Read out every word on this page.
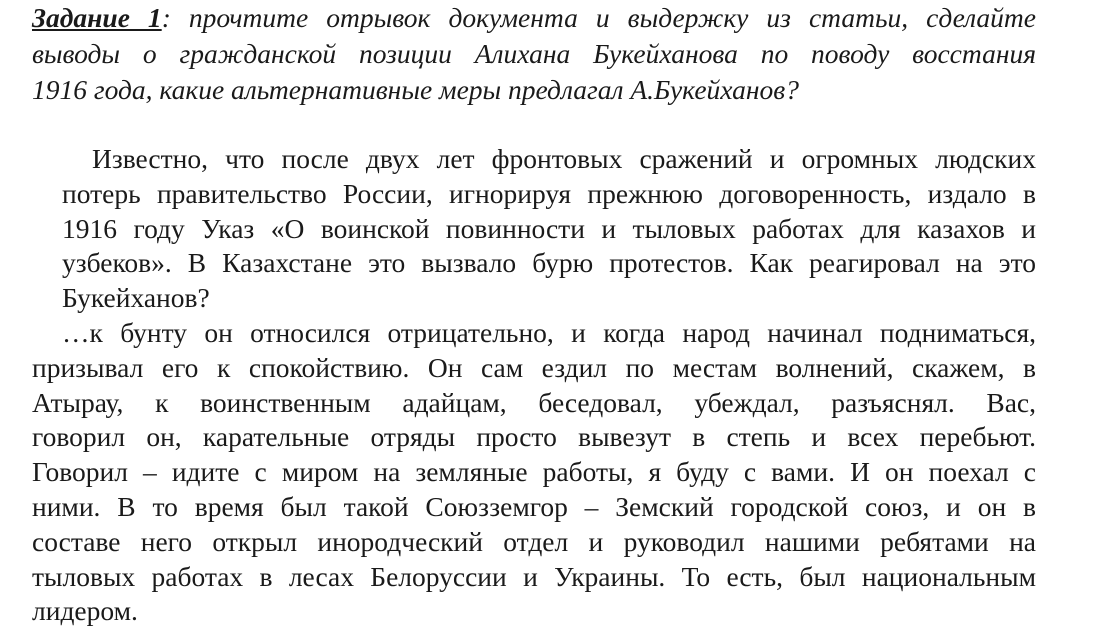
Задание 1: прочтите отрывок документа и выдержку из статьи, сделайте
выводы о гражданской позиции Алихана Букейханова по поводу восстания
1916 года, какие альтернативные меры предлагал А.Букейханов?
Известно, что после двух лет фронтовых сражений и огромных людских
потерь правительство России, игнорируя прежнюю договоренность, издало в
1916 году Указ «О воинской повинности и тыловых работах для казахов и
узбеков». В Казахстане это вызвало бурю протестов. Как реагировал на это
Букейханов?
…к бунту он относился отрицательно, и когда народ начинал подниматься,
призывал его к спокойствию. Он сам ездил по местам волнений, скажем, в
Атырау, к воинственным адайцам, беседовал, убеждал, разъяснял. Вас,
говорил он, карательные отряды просто вывезут в степь и всех перебьют.
Говорил – идите с миром на земляные работы, я буду с вами. И он поехал с
ними. В то время был такой Союзземгор – Земский городской союз, и он в
составе него открыл инородческий отдел и руководил нашими ребятами на
тыловых работах в лесах Белоруссии и Украины. То есть, был национальным
лидером.
